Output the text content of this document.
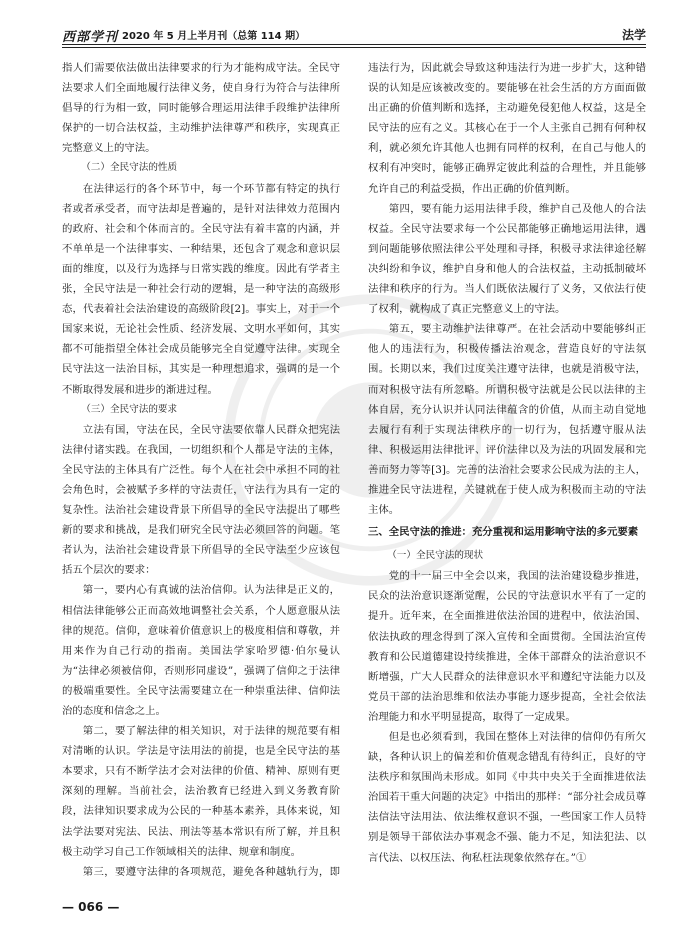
西部学刊 2020 年 5 月上半月刊（总第 114 期）	法学

指人们需要依法做出法律要求的行为才能构成守法。全民守法要求人们全面地履行法律义务，使自身行为符合与法律所倡导的行为相一致，同时能够合理运用法律手段维护法律所保护的一切合法权益，主动维护法律尊严和秩序，实现真正完整意义上的守法。

（二）全民守法的性质

在法律运行的各个环节中，每一个环节都有特定的执行者或者承受者，而守法却是普遍的，是针对法律效力范围内的政府、社会和个体而言的。全民守法有着丰富的内涵，并不单单是一个法律事实、一种结果，还包含了观念和意识层面的维度，以及行为选择与日常实践的维度。因此有学者主张，全民守法是一种社会行动的逻辑，是一种守法的高级形态，代表着社会法治建设的高级阶段[2]。事实上，对于一个国家来说，无论社会性质、经济发展、文明水平如何，其实都不可能指望全体社会成员能够完全自觉遵守法律。实现全民守法这一法治目标，其实是一种理想追求，强调的是一个不断取得发展和进步的渐进过程。

（三）全民守法的要求

立法有国，守法在民，全民守法要依靠人民群众把宪法法律付诸实践。在我国，一切组织和个人都是守法的主体，全民守法的主体具有广泛性。每个人在社会中承担不同的社会角色时，会被赋予多样的守法责任，守法行为具有一定的复杂性。法治社会建设背景下所倡导的全民守法提出了哪些新的要求和挑战，是我们研究全民守法必须回答的问题。笔者认为，法治社会建设背景下所倡导的全民守法至少应该包括五个层次的要求：

第一，要内心有真诚的法治信仰。认为法律是正义的，相信法律能够公正而高效地调整社会关系，个人愿意服从法律的规范。信仰，意味着价值意识上的极度相信和尊敬，并用来作为自己行动的指南。美国法学家哈罗德·伯尔曼认为“法律必须被信仰，否则形同虚设”，强调了信仰之于法律的极端重要性。全民守法需要建立在一种崇重法律、信仰法治的态度和信念之上。

第二，要了解法律的相关知识，对于法律的规范要有相对清晰的认识。学法是守法用法的前提，也是全民守法的基本要求，只有不断学法才会对法律的价值、精神、原则有更深刻的理解。当前社会，法治教育已经进入到义务教育阶段，法律知识要求成为公民的一种基本素养，具体来说，知法学法要对宪法、民法、刑法等基本常识有所了解，并且积极主动学习自己工作领域相关的法律、规章和制度。

第三，要遵守法律的各项规范，避免各种越轨行为，即

违法行为，因此就会导致这种违法行为进一步扩大，这种错误的认知是应该被改变的。要能够在社会生活的方方面面做出正确的价值判断和选择，主动避免侵犯他人权益，这是全民守法的应有之义。其核心在于一个人主张自己拥有何种权利，就必须允许其他人也拥有同样的权利，在自己与他人的权利有冲突时，能够正确界定彼此利益的合理性，并且能够允许自己的利益受损，作出正确的价值判断。

第四，要有能力运用法律手段，维护自己及他人的合法权益。全民守法要求每一个公民都能够正确地运用法律，遇到问题能够依照法律公平处理和寻择，积极寻求法律途径解决纠纷和争议，维护自身和他人的合法权益，主动抵制破坏法律和秩序的行为。当人们既依法履行了义务，又依法行使了权利，就构成了真正完整意义上的守法。

第五，要主动维护法律尊严。在社会活动中要能够纠正他人的违法行为，积极传播法治观念，营造良好的守法氛围。长期以来，我们过度关注遵守法律，也就是消极守法，而对积极守法有所忽略。所谓积极守法就是公民以法律的主体自居，充分认识并认同法律蕴含的价值，从而主动自觉地去履行有利于实现法律秩序的一切行为，包括遵守服从法律、积极运用法律批评、评价法律以及为法的巩固发展和完善而努力等等[3]。完善的法治社会要求公民成为法的主人，推进全民守法进程，关键就在于使人成为积极而主动的守法主体。

三、全民守法的推进：充分重视和运用影响守法的多元要素

（一）全民守法的现状

党的十一届三中全会以来，我国的法治建设稳步推进，民众的法治意识逐渐觉醒，公民的守法意识水平有了一定的提升。近年来，在全面推进依法治国的进程中，依法治国、依法执政的理念得到了深入宣传和全面贯彻。全国法治宣传教育和公民道德建设持续推进，全体干部群众的法治意识不断增强，广大人民群众的法律意识水平和遵纪守法能力以及党员干部的法治思维和依法办事能力逐步提高，全社会依法治理能力和水平明显提高，取得了一定成果。

但是也必须看到，我国在整体上对法律的信仰仍有所欠缺，各种认识上的偏差和价值观念错乱有待纠正，良好的守法秩序和氛围尚未形成。如同《中共中央关于全面推进依法治国若干重大问题的决定》中指出的那样：“部分社会成员尊法信法守法用法、依法维权意识不强，一些国家工作人员特别是领导干部依法办事观念不强、能力不足，知法犯法、以言代法、以权压法、徇私枉法现象依然存在。”①

— 066 —
